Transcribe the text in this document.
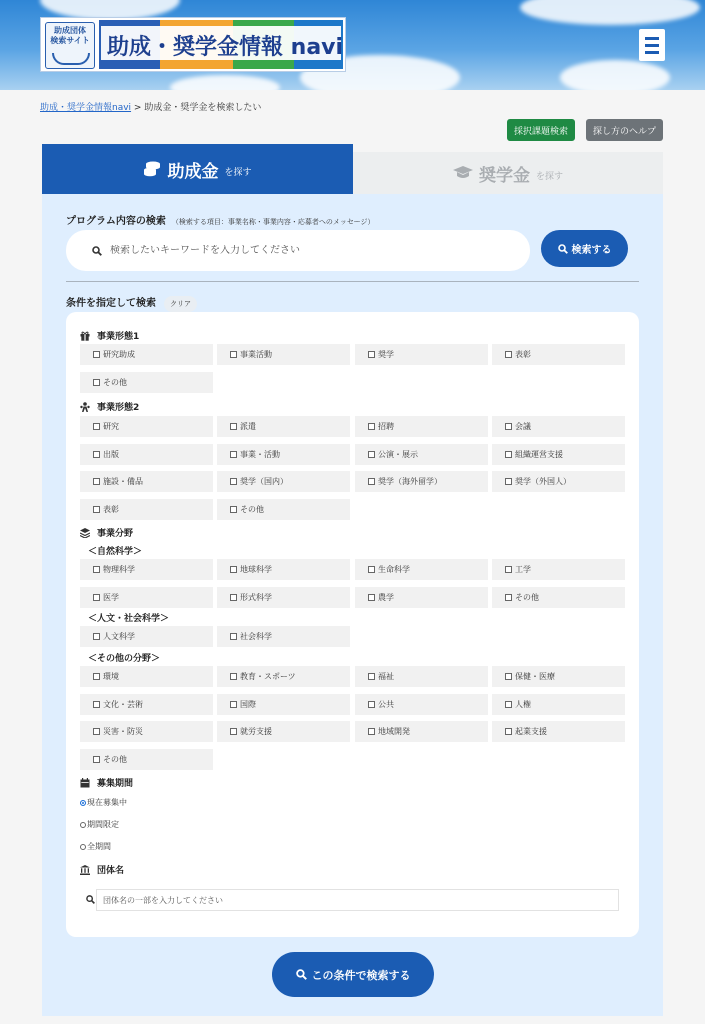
助成団体
検索サイト 助成・奨学金情報 navi
助成・奨学金情報navi > 助成金・奨学金を検索したい
採択課題検索	探し方のヘルプ
助成金 を探す	奨学金 を探す
プログラム内容の検索 （検索する項目：事業名称・事業内容・応募者へのメッセージ）
検索したいキーワードを入力してください
検索する
条件を指定して検索 クリア
事業形態1
研究助成	事業活動	奨学	表彰
その他
事業形態2
研究	派遣	招聘	会議
出版	事業・活動	公演・展示	組織運営支援
施設・備品	奨学（国内）	奨学（海外留学）	奨学（外国人）
表彰	その他
事業分野
＜自然科学＞
物理科学	地球科学	生命科学	工学
医学	形式科学	農学	その他
＜人文・社会科学＞
人文科学	社会科学
＜その他の分野＞
環境	教育・スポーツ	福祉	保健・医療
文化・芸術	国際	公共	人権
災害・防災	就労支援	地域開発	起業支援
その他
募集期間
現在募集中
期間限定
全期間
団体名
団体名の一部を入力してください
この条件で検索する
